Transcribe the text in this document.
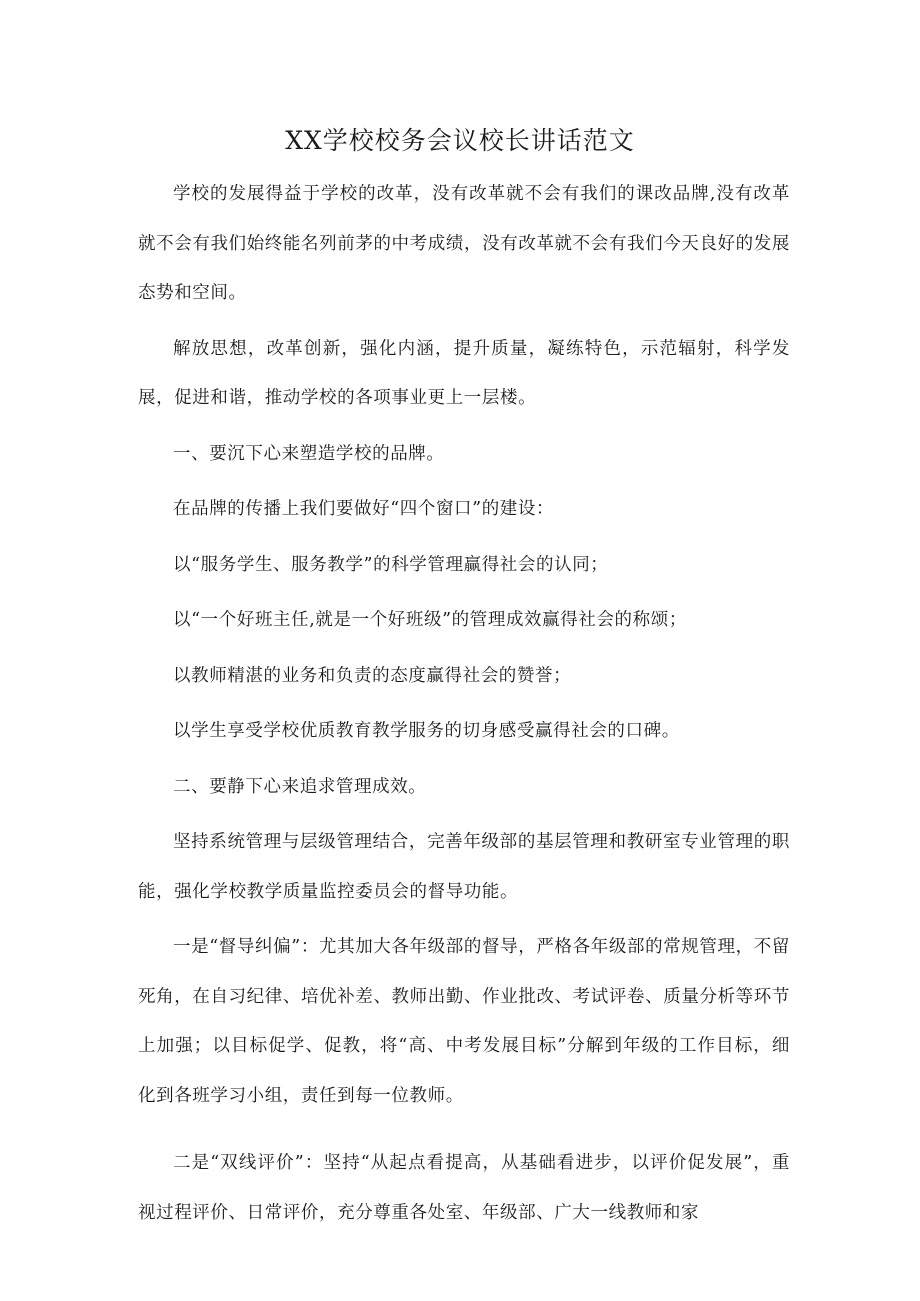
XX学校校务会议校长讲话范文

学校的发展得益于学校的改革，没有改革就不会有我们的课改品牌,没有改革就不会有我们始终能名列前茅的中考成绩，没有改革就不会有我们今天良好的发展态势和空间。

解放思想，改革创新，强化内涵，提升质量，凝练特色，示范辐射，科学发展，促进和谐，推动学校的各项事业更上一层楼。

一、要沉下心来塑造学校的品牌。

在品牌的传播上我们要做好“四个窗口”的建设：

以“服务学生、服务教学”的科学管理赢得社会的认同；

以“一个好班主任,就是一个好班级”的管理成效赢得社会的称颂；

以教师精湛的业务和负责的态度赢得社会的赞誉；

以学生享受学校优质教育教学服务的切身感受赢得社会的口碑。

二、要静下心来追求管理成效。

坚持系统管理与层级管理结合，完善年级部的基层管理和教研室专业管理的职能，强化学校教学质量监控委员会的督导功能。

一是“督导纠偏”：尤其加大各年级部的督导，严格各年级部的常规管理，不留死角，在自习纪律、培优补差、教师出勤、作业批改、考试评卷、质量分析等环节上加强；以目标促学、促教，将“高、中考发展目标”分解到年级的工作目标，细化到各班学习小组，责任到每一位教师。

二是“双线评价”：坚持“从起点看提高，从基础看进步，以评价促发展”，重视过程评价、日常评价，充分尊重各处室、年级部、广大一线教师和家
